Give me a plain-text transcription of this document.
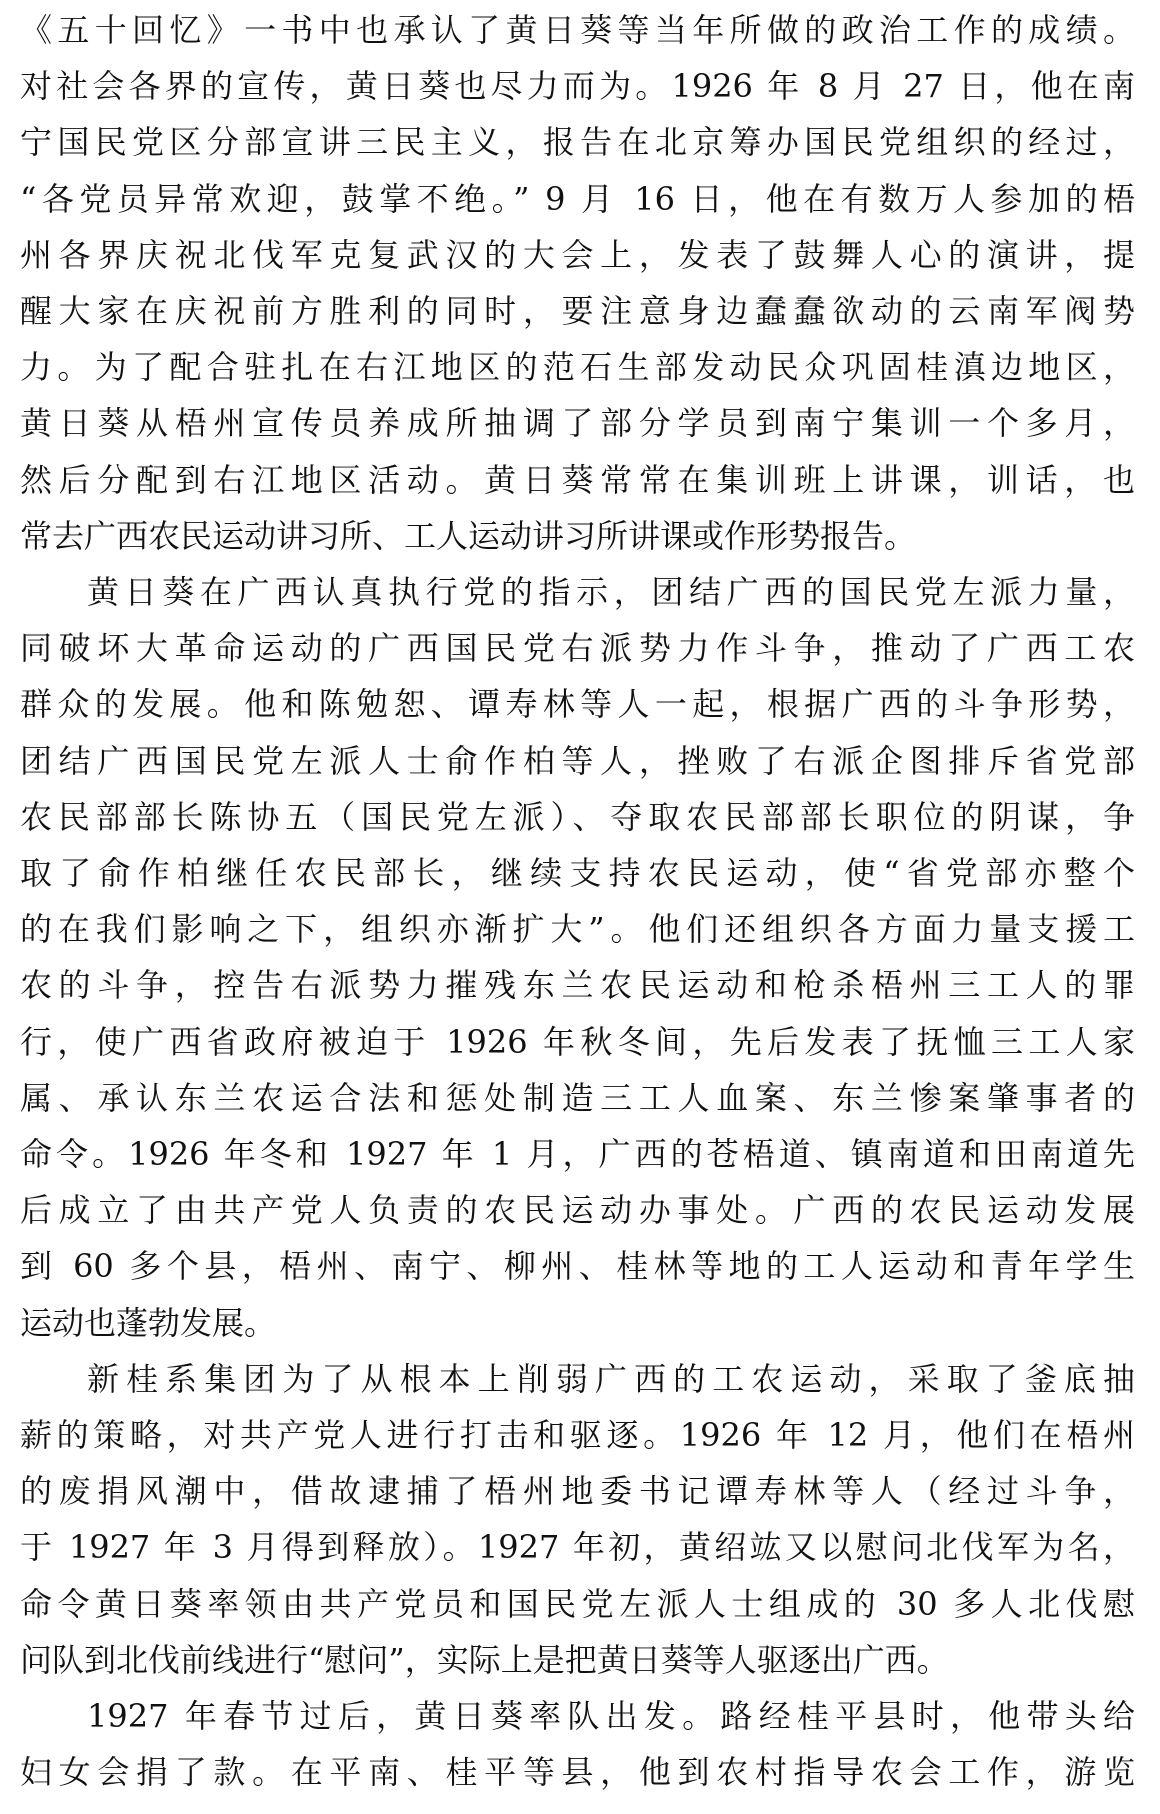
《五十回忆》一书中也承认了黄日葵等当年所做的政治工作的成绩。
对社会各界的宣传，黄日葵也尽力而为。1926 年 8 月 27 日，他在南
宁国民党区分部宣讲三民主义，报告在北京筹办国民党组织的经过，
“各党员异常欢迎，鼓掌不绝。” 9 月 16 日，他在有数万人参加的梧
州各界庆祝北伐军克复武汉的大会上，发表了鼓舞人心的演讲，提
醒大家在庆祝前方胜利的同时，要注意身边蠢蠢欲动的云南军阀势
力。为了配合驻扎在右江地区的范石生部发动民众巩固桂滇边地区，
黄日葵从梧州宣传员养成所抽调了部分学员到南宁集训一个多月，
然后分配到右江地区活动。黄日葵常常在集训班上讲课，训话，也
常去广西农民运动讲习所、工人运动讲习所讲课或作形势报告。
黄日葵在广西认真执行党的指示，团结广西的国民党左派力量，
同破坏大革命运动的广西国民党右派势力作斗争，推动了广西工农
群众的发展。他和陈勉恕、谭寿林等人一起，根据广西的斗争形势，
团结广西国民党左派人士俞作柏等人，挫败了右派企图排斥省党部
农民部部长陈协五（国民党左派）、夺取农民部部长职位的阴谋，争
取了俞作柏继任农民部长，继续支持农民运动，使“省党部亦整个
的在我们影响之下，组织亦渐扩大”。他们还组织各方面力量支援工
农的斗争，控告右派势力摧残东兰农民运动和枪杀梧州三工人的罪
行，使广西省政府被迫于 1926 年秋冬间，先后发表了抚恤三工人家
属、承认东兰农运合法和惩处制造三工人血案、东兰惨案肇事者的
命令。1926 年冬和 1927 年 1 月，广西的苍梧道、镇南道和田南道先
后成立了由共产党人负责的农民运动办事处。广西的农民运动发展
到 60 多个县，梧州、南宁、柳州、桂林等地的工人运动和青年学生
运动也蓬勃发展。
新桂系集团为了从根本上削弱广西的工农运动，采取了釜底抽
薪的策略，对共产党人进行打击和驱逐。1926 年 12 月，他们在梧州
的废捐风潮中，借故逮捕了梧州地委书记谭寿林等人（经过斗争，
于 1927 年 3 月得到释放）。1927 年初，黄绍竑又以慰问北伐军为名，
命令黄日葵率领由共产党员和国民党左派人士组成的 30 多人北伐慰
问队到北伐前线进行“慰问”，实际上是把黄日葵等人驱逐出广西。
1927 年春节过后，黄日葵率队出发。路经桂平县时，他带头给
妇女会捐了款。在平南、桂平等县，他到农村指导农会工作，游览
